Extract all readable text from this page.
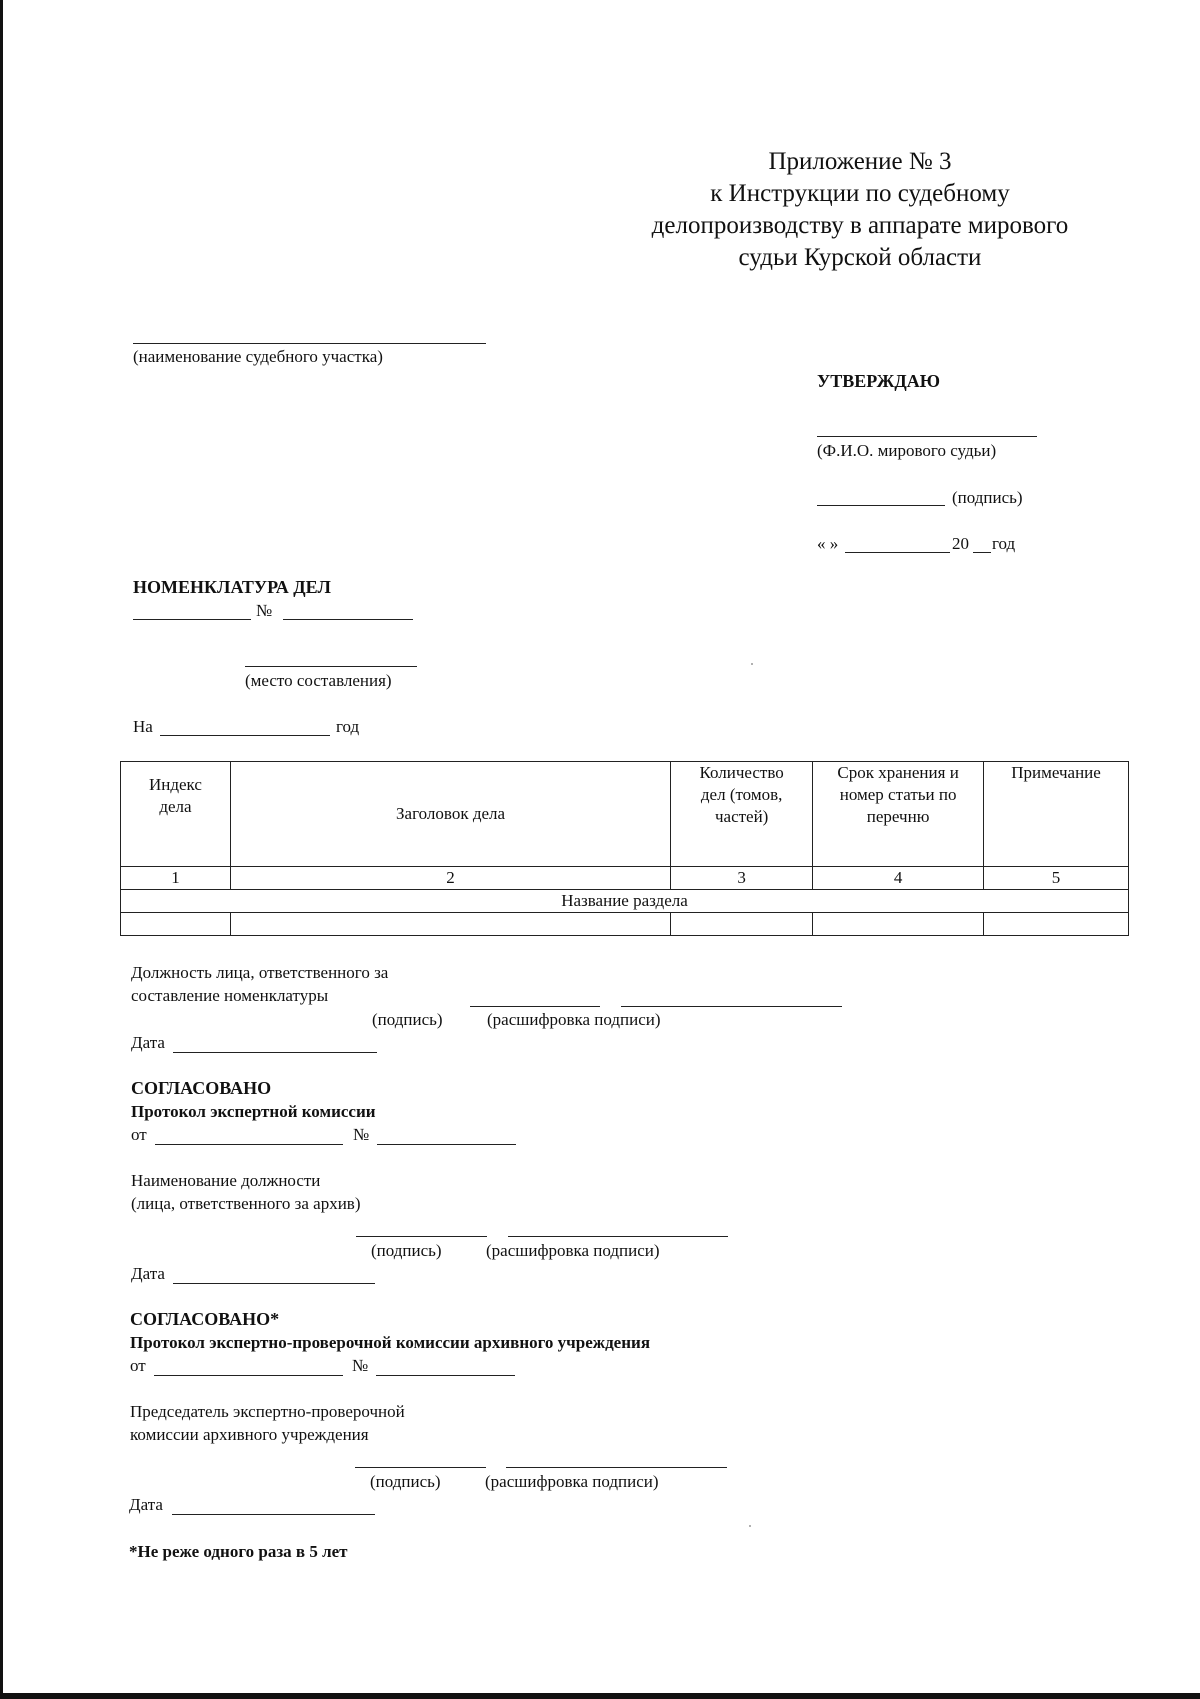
Приложение № 3
к Инструкции по судебному
делопроизводству в аппарате мирового
судьи Курской области
(наименование судебного участка)
УТВЕРЖДАЮ
(Ф.И.О. мирового судьи)
(подпись)
« »	20 год
НОМЕНКЛАТУРА ДЕЛ
№
(место составления)
На	год
Индекс дела	Заголовок дела	Количество дел (томов, частей)	Срок хранения и номер статьи по перечню	Примечание
1	2	3	4	5
Название раздела				

Должность лица, ответственного за
составление номенклатуры
(подпись)	(расшифровка подписи)
Дата
СОГЛАСОВАНО
Протокол экспертной комиссии
от	№
Наименование должности
(лица, ответственного за архив)
(подпись)	(расшифровка подписи)
Дата
СОГЛАСОВАНО*
Протокол экспертно-проверочной комиссии архивного учреждения
от	№
Председатель экспертно-проверочной
комиссии архивного учреждения
(подпись)	(расшифровка подписи)
Дата
*Не реже одного раза в 5 лет
